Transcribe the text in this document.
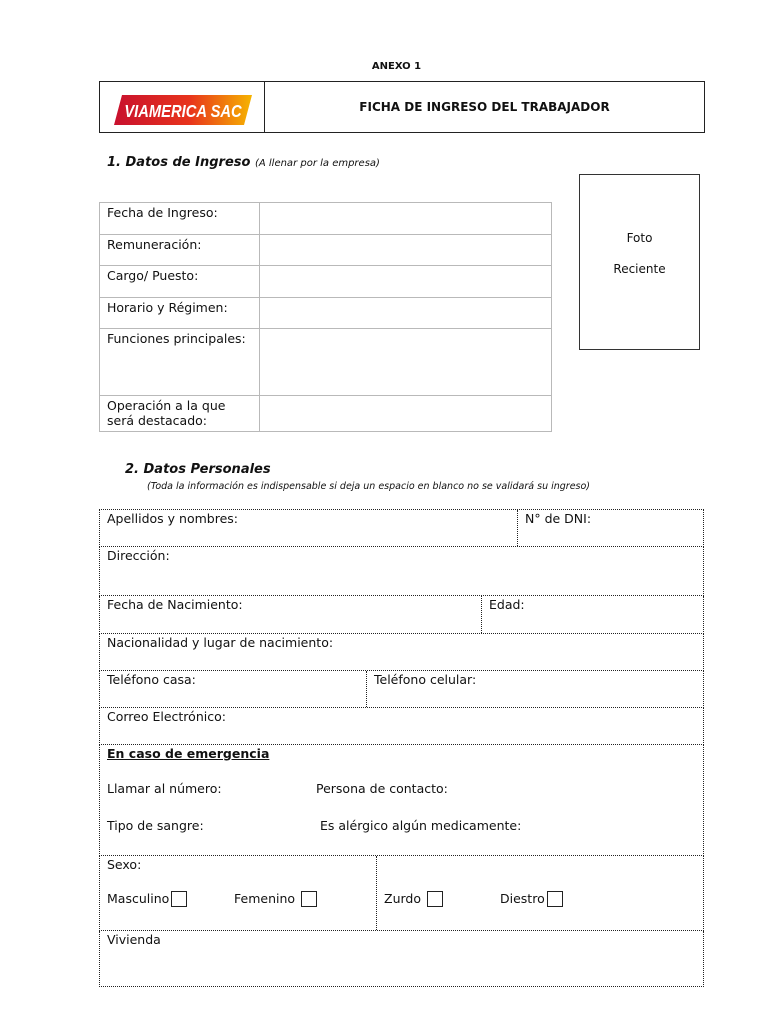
ANEXO 1
VIAMERICA SAC	FICHA DE INGRESO DEL TRABAJADOR
1. Datos de Ingreso (A llenar por la empresa)
Fecha de Ingreso:	
Remuneración:	
Cargo/ Puesto:	
Horario y Régimen:	
Funciones principales:	

Operación a la que
será destacado:	

Foto
Reciente
2. Datos Personales
(Toda la información es indispensable si deja un espacio en blanco no se validará su ingreso)
Apellidos y nombres:	N° de DNI:
Dirección:
Fecha de Nacimiento:	Edad:
Nacionalidad y lugar de nacimiento:
Teléfono casa:	Teléfono celular:
Correo Electrónico:
En caso de emergencia
Llamar al número:	Persona de contacto:
Tipo de sangre:	Es alérgico algún medicamente:
Sexo:
Masculino	Femenino	Zurdo	Diestro
Vivienda
